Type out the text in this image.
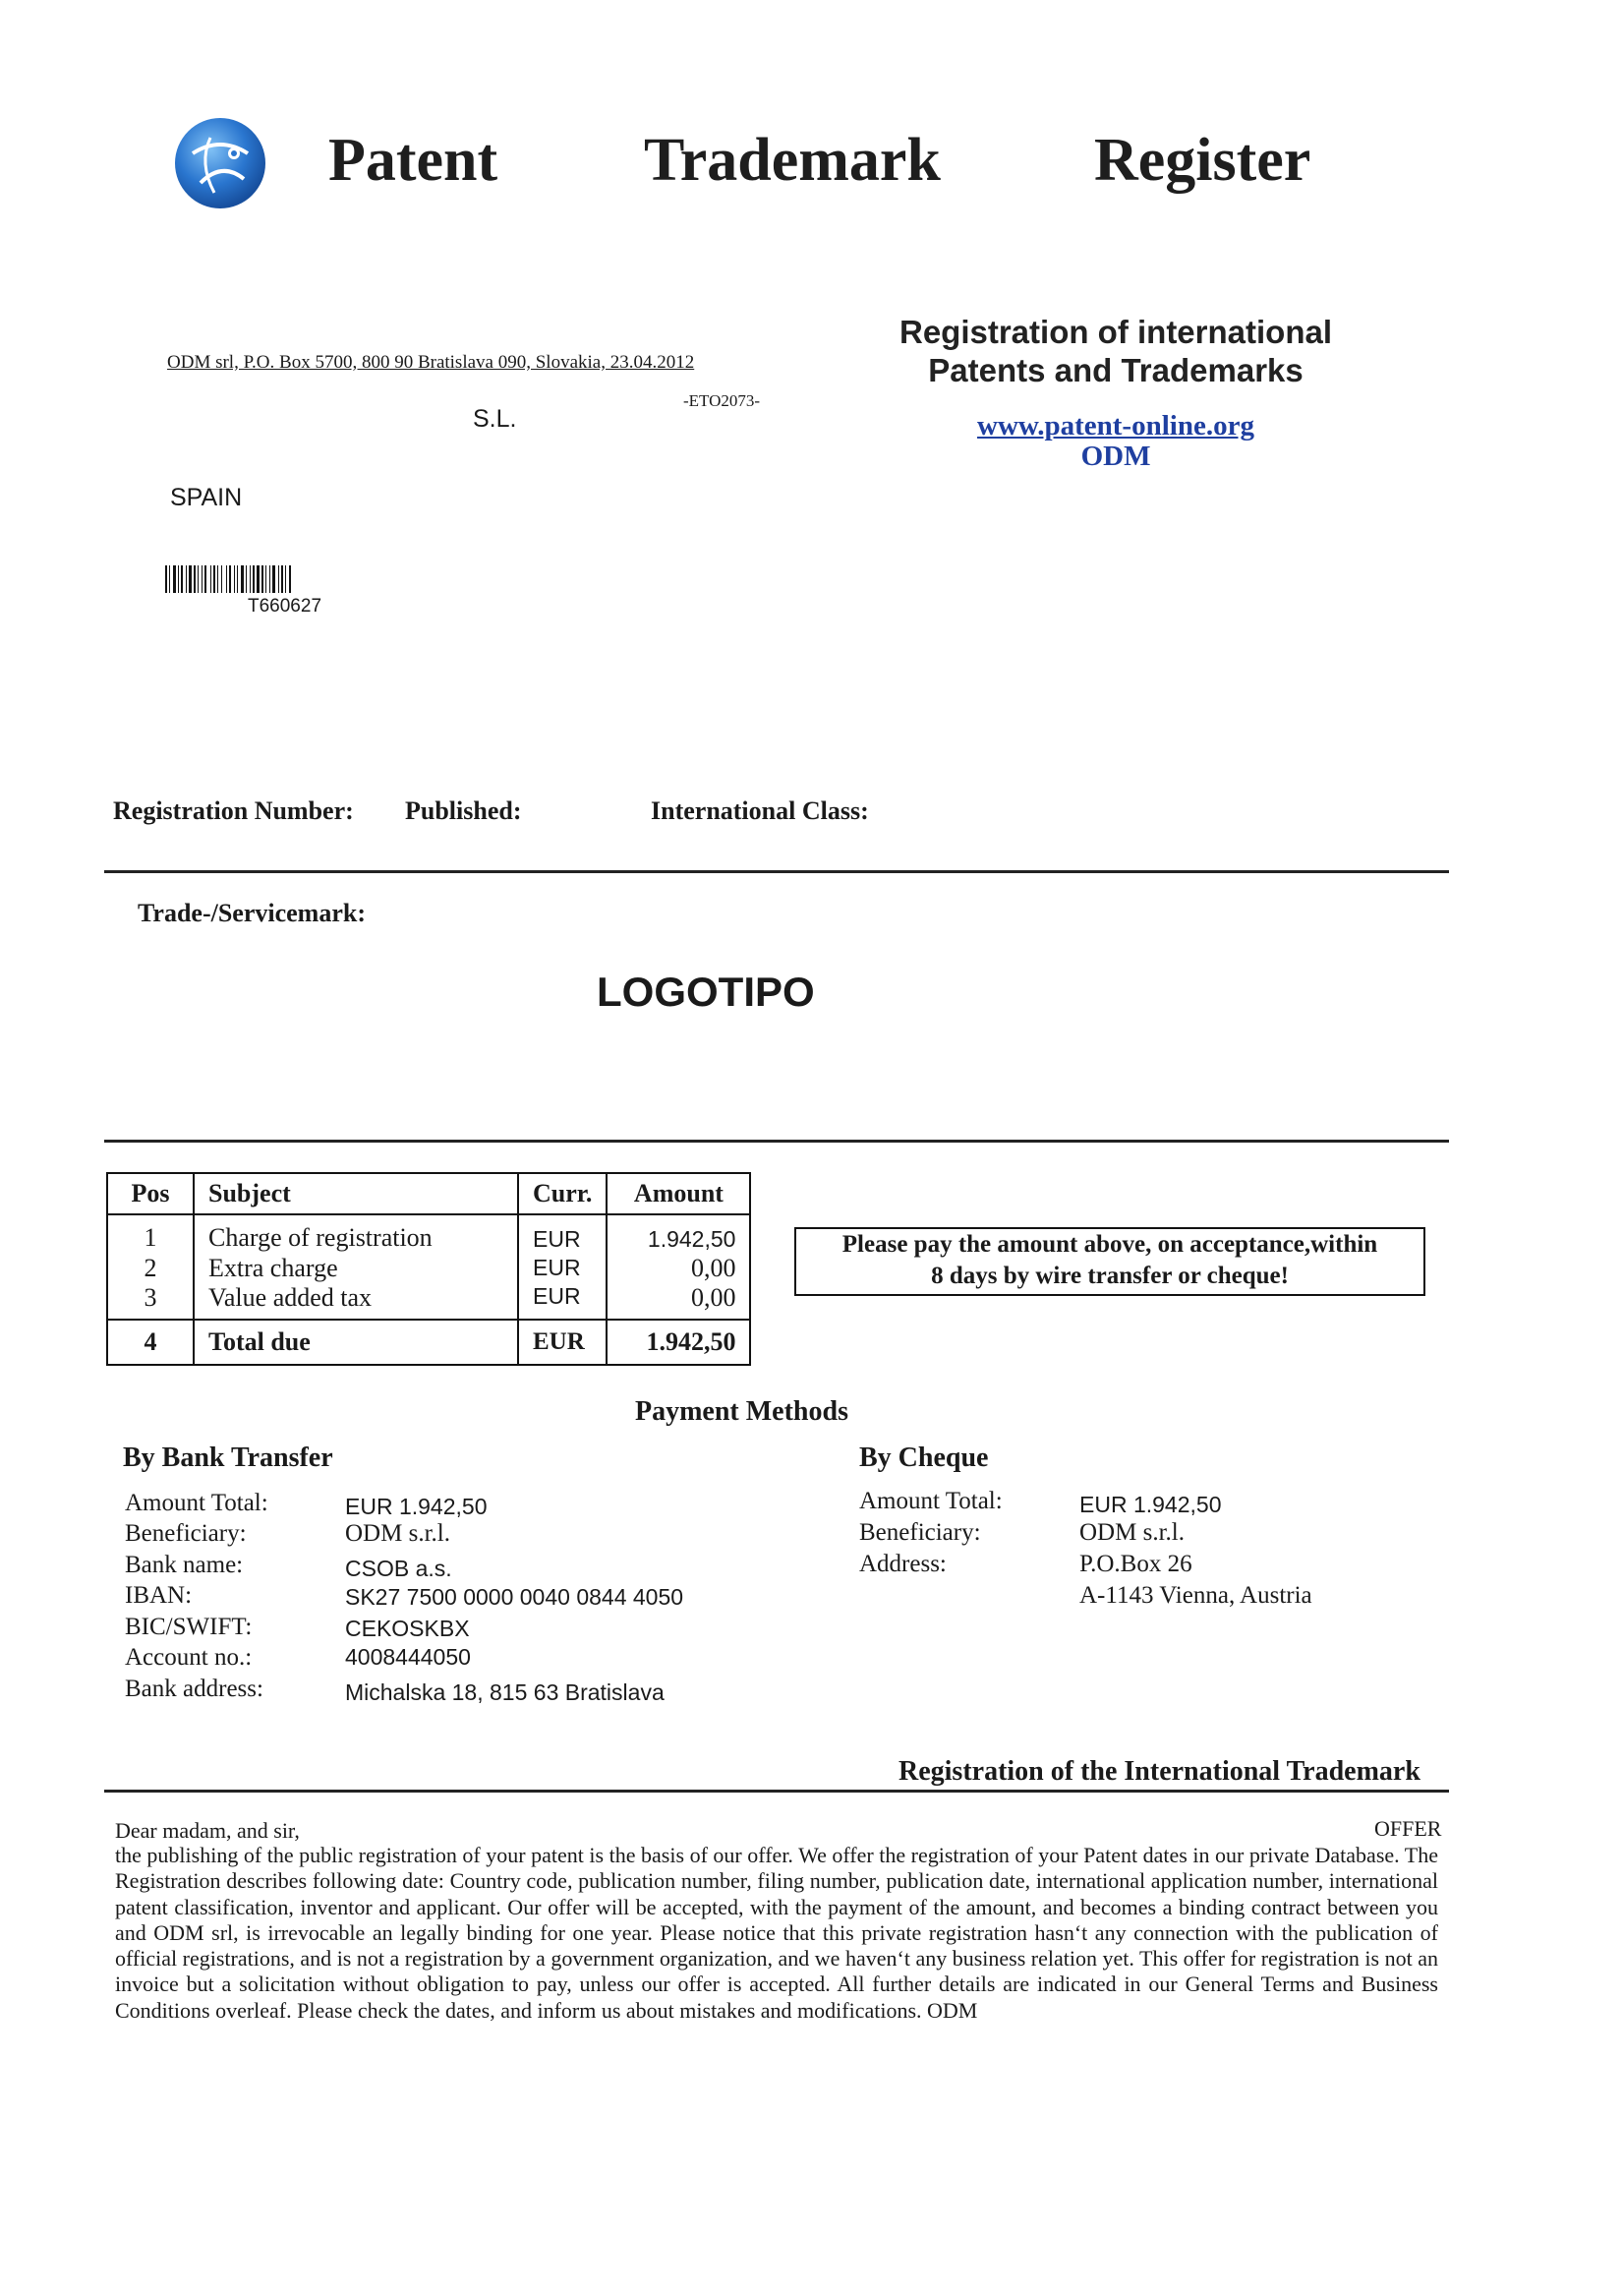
Patent Trademark	Register
ODM srl, P.O. Box 5700, 800 90 Bratislava 090, Slovakia, 23.04.2012
-ETO2073-
S.L.
SPAIN
T660627
Registration of international
Patents and Trademarks
www.patent-online.org
ODM
Registration Number: Published:	International Class:
Trade-/Servicemark:
LOGOTIPO
Pos	Subject	Curr.	Amount
1	Charge of registration	EUR	1.942,50
2	Extra charge	EUR	0,00
3	Value added tax	EUR	0,00
4	Total due	EUR	1.942,50
Please pay the amount above, on acceptance,within
8 days by wire transfer or cheque!
Payment Methods
By Bank Transfer
Amount Total:	EUR 1.942,50
Beneficiary:	ODM s.r.l.
Bank name:	CSOB a.s.
IBAN:	SK27 7500 0000 0040 0844 4050
BIC/SWIFT:	CEKOSKBX
Account no.:	4008444050
Bank address:	Michalska 18, 815 63 Bratislava
By Cheque
Amount Total:	EUR 1.942,50
Beneficiary:	ODM s.r.l.
Address:	P.O.Box 26
A-1143 Vienna, Austria
Registration of the International Trademark
Dear madam, and sir,	OFFER
the publishing of the public registration of your patent is the basis of our offer. We offer the registration of your Patent dates in our private Database. The Registration describes following date: Country code, publication number, filing number, publication date, international application number, international patent classification, inventor and applicant. Our offer will be accepted, with the payment of the amount, and becomes a binding contract between you and ODM srl, is irrevocable an legally binding for one year. Please notice that this private registration hasn‘t any connection with the publication of official registrations, and is not a registration by a government organization, and we haven‘t any business relation yet. This offer for registration is not an invoice but a solicitation without obligation to pay, unless our offer is accepted. All further details are indicated in our General Terms and Business Conditions overleaf. Please check the dates, and inform us about mistakes and modifications. ODM
